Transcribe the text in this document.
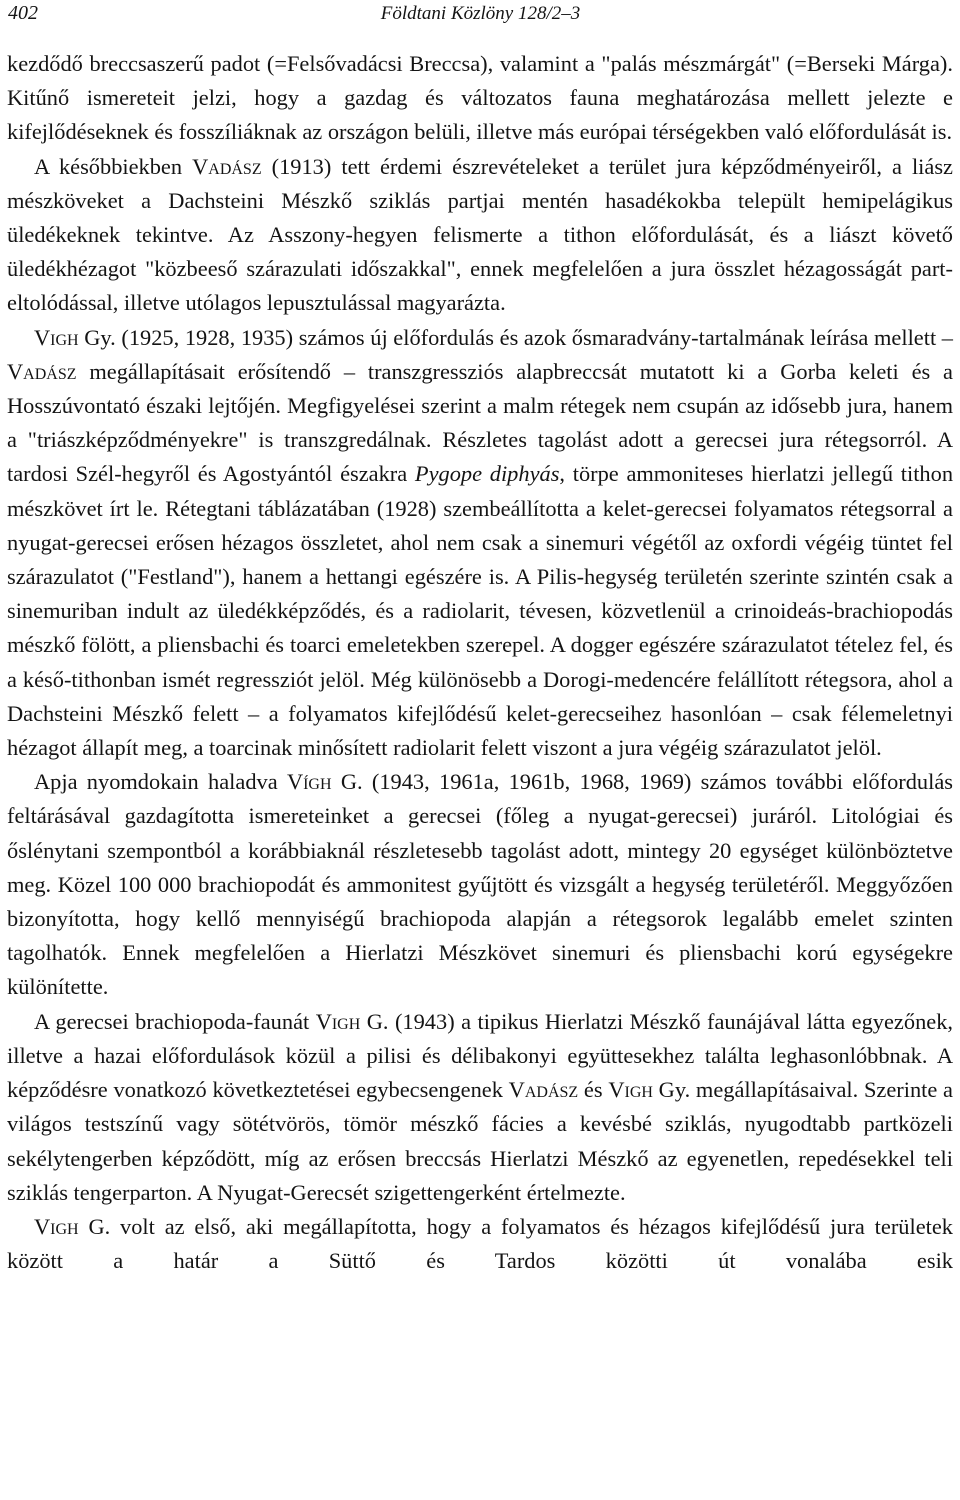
402	Földtani Közlöny 128/2–3

kezdődő breccsaszerű padot (=Felsővadácsi Breccsa), valamint a "palás mészmárgát" (=Berseki Márga). Kitűnő ismereteit jelzi, hogy a gazdag és változatos fauna meghatározása mellett jelezte e kifejlődéseknek és fosszíliáknak az országon belüli, illetve más európai térségekben való előfordulását is.

A későbbiekben Vadász (1913) tett érdemi észrevételeket a terület jura képződményeiről, a liász mészköveket a Dachsteini Mészkő sziklás partjai mentén hasadékokba települt hemipelágikus üledékeknek tekintve. Az Asszony-hegyen felismerte a tithon előfordulását, és a liászt követő üledékhézagot "közbeeső szárazulati időszakkal", ennek megfelelően a jura összlet hézagosságát parteltolódással, illetve utólagos lepusztulással magyarázta.

Vigh Gy. (1925, 1928, 1935) számos új előfordulás és azok ősmaradvány-tartalmának leírása mellett – Vadász megállapításait erősítendő – transzgressziós alapbreccsát mutatott ki a Gorba keleti és a Hosszúvontató északi lejtőjén. Megfigyelései szerint a malm rétegek nem csupán az idősebb jura, hanem a "triászképződményekre" is transzgredálnak. Részletes tagolást adott a gerecsei jura rétegsorról. A tardosi Szél-hegyről és Agostyántól északra Pygope diphyás, törpe ammoniteses hierlatzi jellegű tithon mészkövet írt le. Rétegtani táblázatában (1928) szembeállította a kelet-gerecsei folyamatos rétegsorral a nyugat-gerecsei erősen hézagos összletet, ahol nem csak a sinemuri végétől az oxfordi végéig tüntet fel szárazulatot ("Festland"), hanem a hettangi egészére is. A Pilis-hegység területén szerinte szintén csak a sinemuriban indult az üledékképződés, és a radiolarit, tévesen, közvetlenül a crinoideás-brachiopodás mészkő fölött, a pliensbachi és toarci emeletekben szerepel. A dogger egészére szárazulatot tételez fel, és a késő-tithonban ismét regressziót jelöl. Még különösebb a Dorogi-medencére felállított rétegsora, ahol a Dachsteini Mészkő felett – a folyamatos kifejlődésű kelet-gerecseihez hasonlóan – csak félemeletnyi hézagot állapít meg, a toarcinak minősített radiolarit felett viszont a jura végéig szárazulatot jelöl.

Apja nyomdokain haladva Vígh G. (1943, 1961a, 1961b, 1968, 1969) számos további előfordulás feltárásával gazdagította ismereteinket a gerecsei (főleg a nyugat-gerecsei) juráról. Litológiai és őslénytani szempontból a korábbiaknál részletesebb tagolást adott, mintegy 20 egységet különböztetve meg. Közel 100 000 brachiopodát és ammonitest gyűjtött és vizsgált a hegység területéről. Meggyőzően bizonyította, hogy kellő mennyiségű brachiopoda alapján a rétegsorok legalább emelet szinten tagolhatók. Ennek megfelelően a Hierlatzi Mészkövet sinemuri és pliensbachi korú egységekre különítette.

A gerecsei brachiopoda-faunát Vigh G. (1943) a tipikus Hierlatzi Mészkő faunájával látta egyezőnek, illetve a hazai előfordulások közül a pilisi és délibakonyi együttesekhez találta leghasonlóbbnak. A képződésre vonatkozó következtetései egybecsengenek Vadász és Vigh Gy. megállapításaival. Szerinte a világos testszínű vagy sötétvörös, tömör mészkő fácies a kevésbé sziklás, nyugodtabb partközeli sekélytengerben képződött, míg az erősen breccsás Hierlatzi Mészkő az egyenetlen, repedésekkel teli sziklás tengerparton. A Nyugat-Gerecsét szigettengerként értelmezte.

Vigh G. volt az első, aki megállapította, hogy a folyamatos és hézagos kifejlődésű jura területek között a határ a Süttő és Tardos közötti út vonalába esik
